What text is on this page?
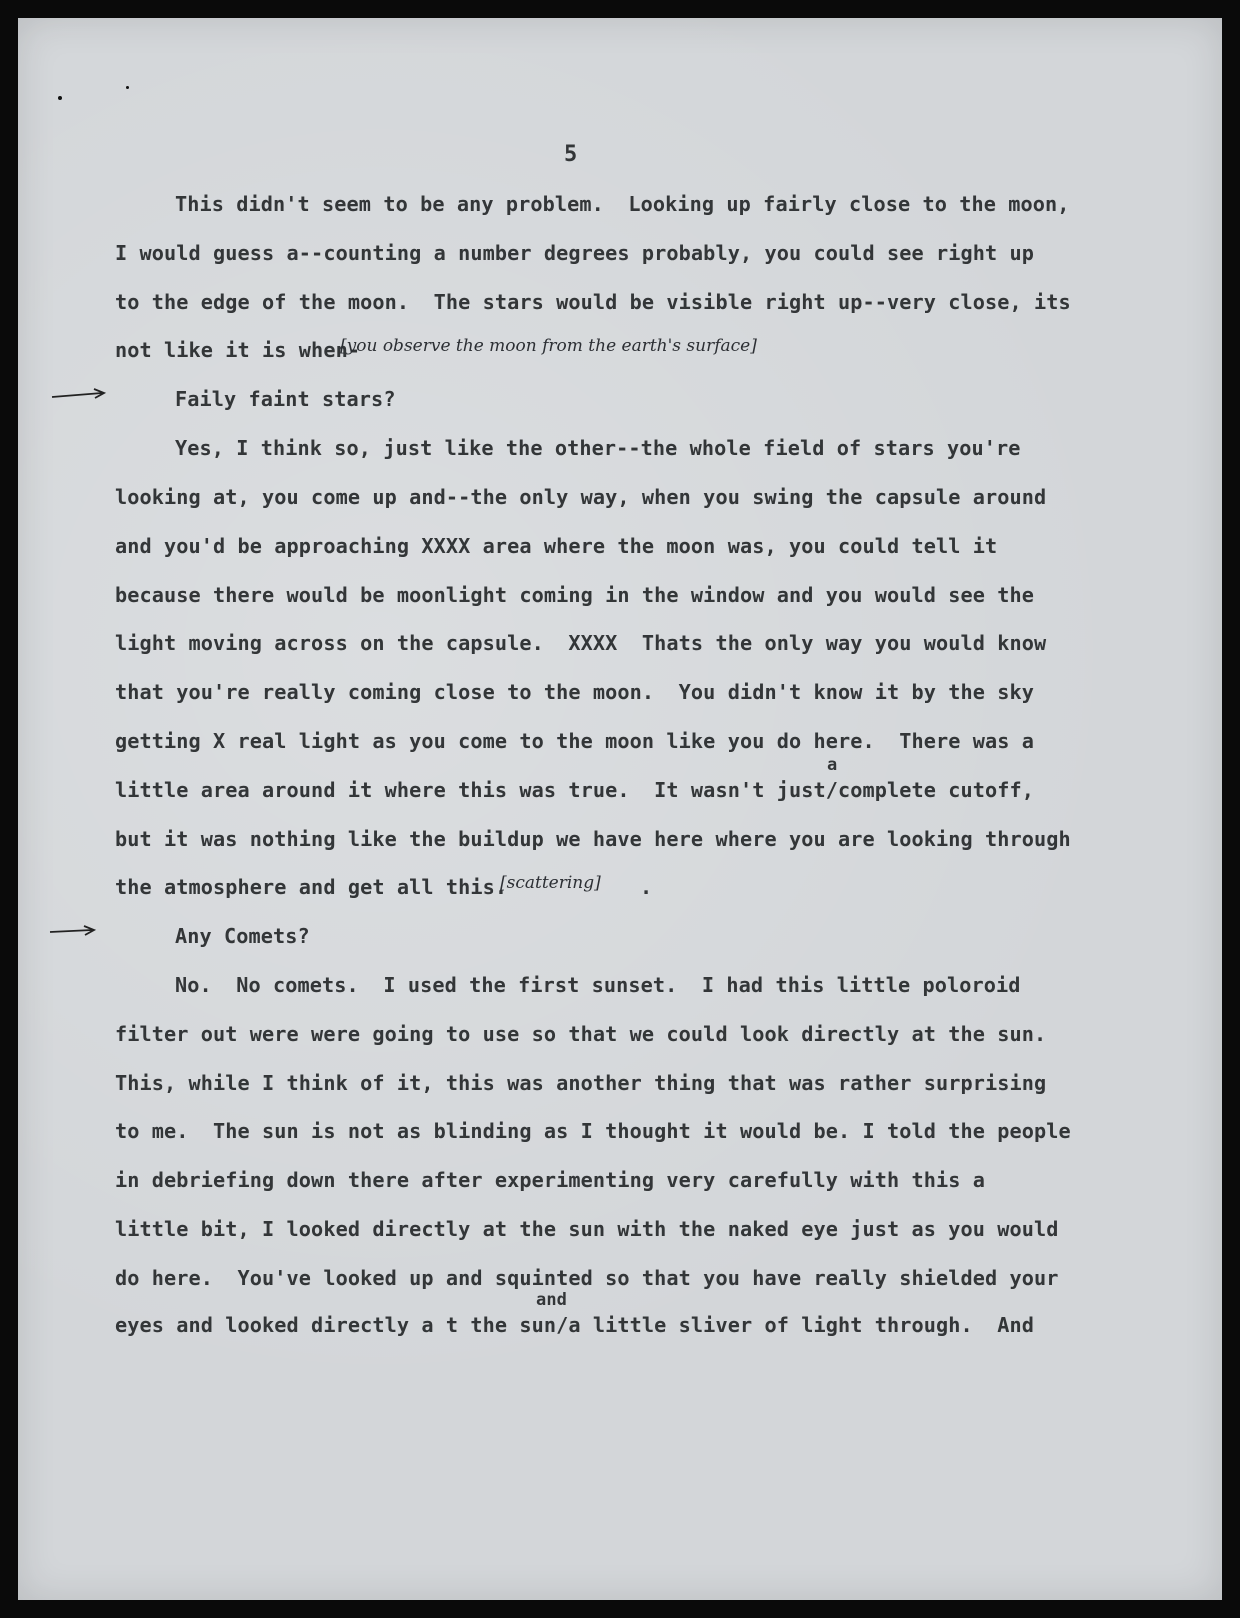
5
This didn't seem to be any problem.  Looking up fairly close to the moon,
I would guess a--counting a number degrees probably, you could see right up
to the edge of the moon.  The stars would be visible right up--very close, its
not like it is when-
[you observe the moon from the earth's surface]
Faily faint stars?
Yes, I think so, just like the other--the whole field of stars you're
looking at, you come up and--the only way, when you swing the capsule around
and you'd be approaching XXXX area where the moon was, you could tell it
because there would be moonlight coming in the window and you would see the
light moving across on the capsule.  XXXX  Thats the only way you would know
that you're really coming close to the moon.  You didn't know it by the sky
getting X real light as you come to the moon like you do here.  There was a
a
little area around it where this was true.  It wasn't just/complete cutoff,
but it was nothing like the buildup we have here where you are looking through
the atmosphere and get all this.
[scattering] .
Any Comets?
No.  No comets.  I used the first sunset.  I had this little poloroid
filter out were were going to use so that we could look directly at the sun.
This, while I think of it, this was another thing that was rather surprising
to me.  The sun is not as blinding as I thought it would be. I told the people
in debriefing down there after experimenting very carefully with this a
little bit, I looked directly at the sun with the naked eye just as you would
do here.  You've looked up and squinted so that you have really shielded your
and
eyes and looked directly a t the sun/a little sliver of light through.  And
